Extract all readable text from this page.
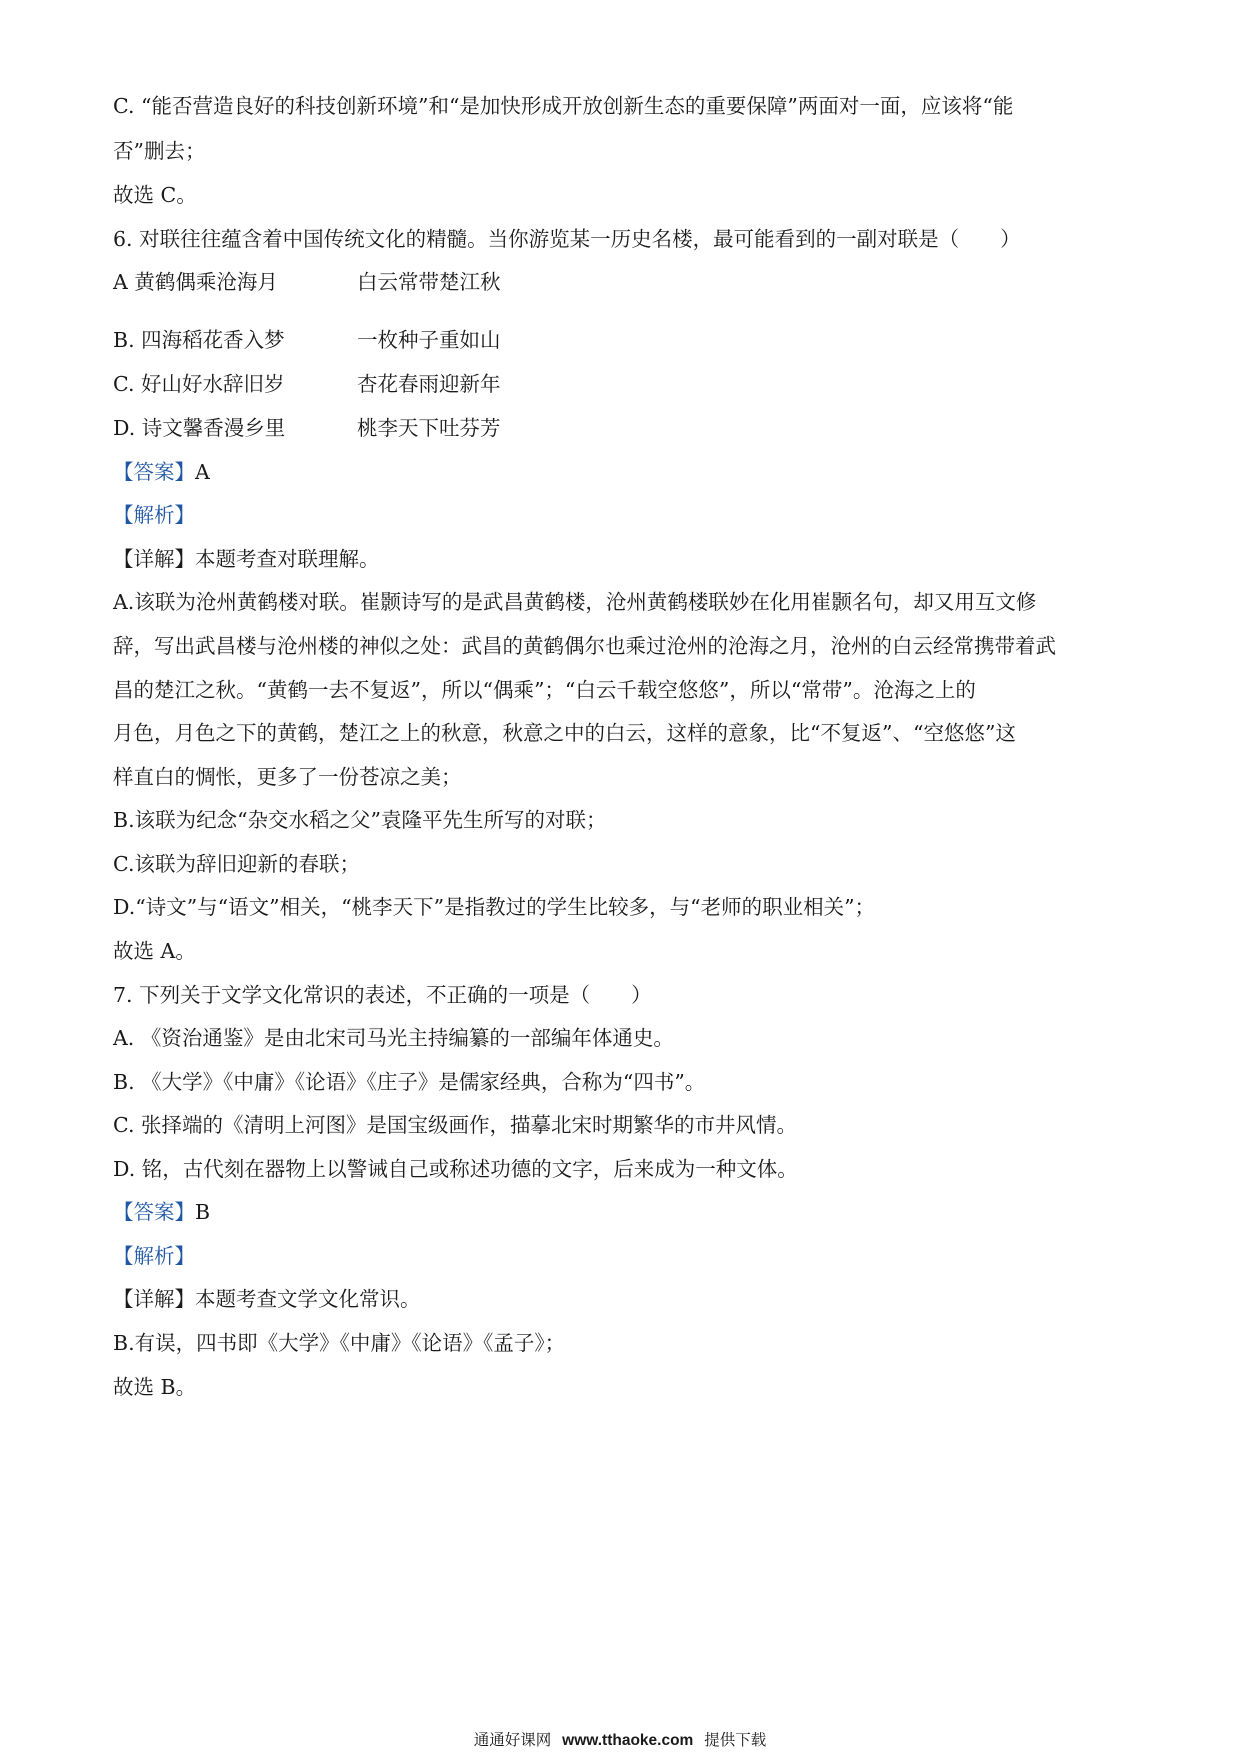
C. “能否营造良好的科技创新环境”和“是加快形成开放创新生态的重要保障”两面对一面，应该将“能
否”删去；
故选 C。
6. 对联往往蕴含着中国传统文化的精髓。当你游览某一历史名楼，最可能看到的一副对联是（　　）
A 黄鹤偶乘沧海月	白云常带楚江秋
B. 四海稻花香入梦	一枚种子重如山
C. 好山好水辞旧岁	杏花春雨迎新年
D. 诗文馨香漫乡里	桃李天下吐芬芳
【答案】A
【解析】
【详解】本题考查对联理解。
A.该联为沧州黄鹤楼对联。崔颢诗写的是武昌黄鹤楼，沧州黄鹤楼联妙在化用崔颢名句，却又用互文修
辞，写出武昌楼与沧州楼的神似之处：武昌的黄鹤偶尔也乘过沧州的沧海之月，沧州的白云经常携带着武
昌的楚江之秋。“黄鹤一去不复返”，所以“偶乘”；“白云千载空悠悠”，所以“常带”。沧海之上的
月色，月色之下的黄鹤，楚江之上的秋意，秋意之中的白云，这样的意象，比“不复返”、“空悠悠”这
样直白的惆怅，更多了一份苍凉之美；
B.该联为纪念“杂交水稻之父”袁隆平先生所写的对联；
C.该联为辞旧迎新的春联；
D.“诗文”与“语文”相关，“桃李天下”是指教过的学生比较多，与“老师的职业相关”；
故选 A。
7. 下列关于文学文化常识的表述，不正确的一项是（　　）
A. 《资治通鉴》是由北宋司马光主持编纂的一部编年体通史。
B. 《大学》《中庸》《论语》《庄子》是儒家经典，合称为“四书”。
C. 张择端的《清明上河图》是国宝级画作，描摹北宋时期繁华的市井风情。
D. 铭，古代刻在器物上以警诫自己或称述功德的文字，后来成为一种文体。
【答案】B
【解析】
【详解】本题考查文学文化常识。
B.有误，四书即《大学》《中庸》《论语》《孟子》；
故选 B。
通通好课网 www.tthaoke.com 提供下载
